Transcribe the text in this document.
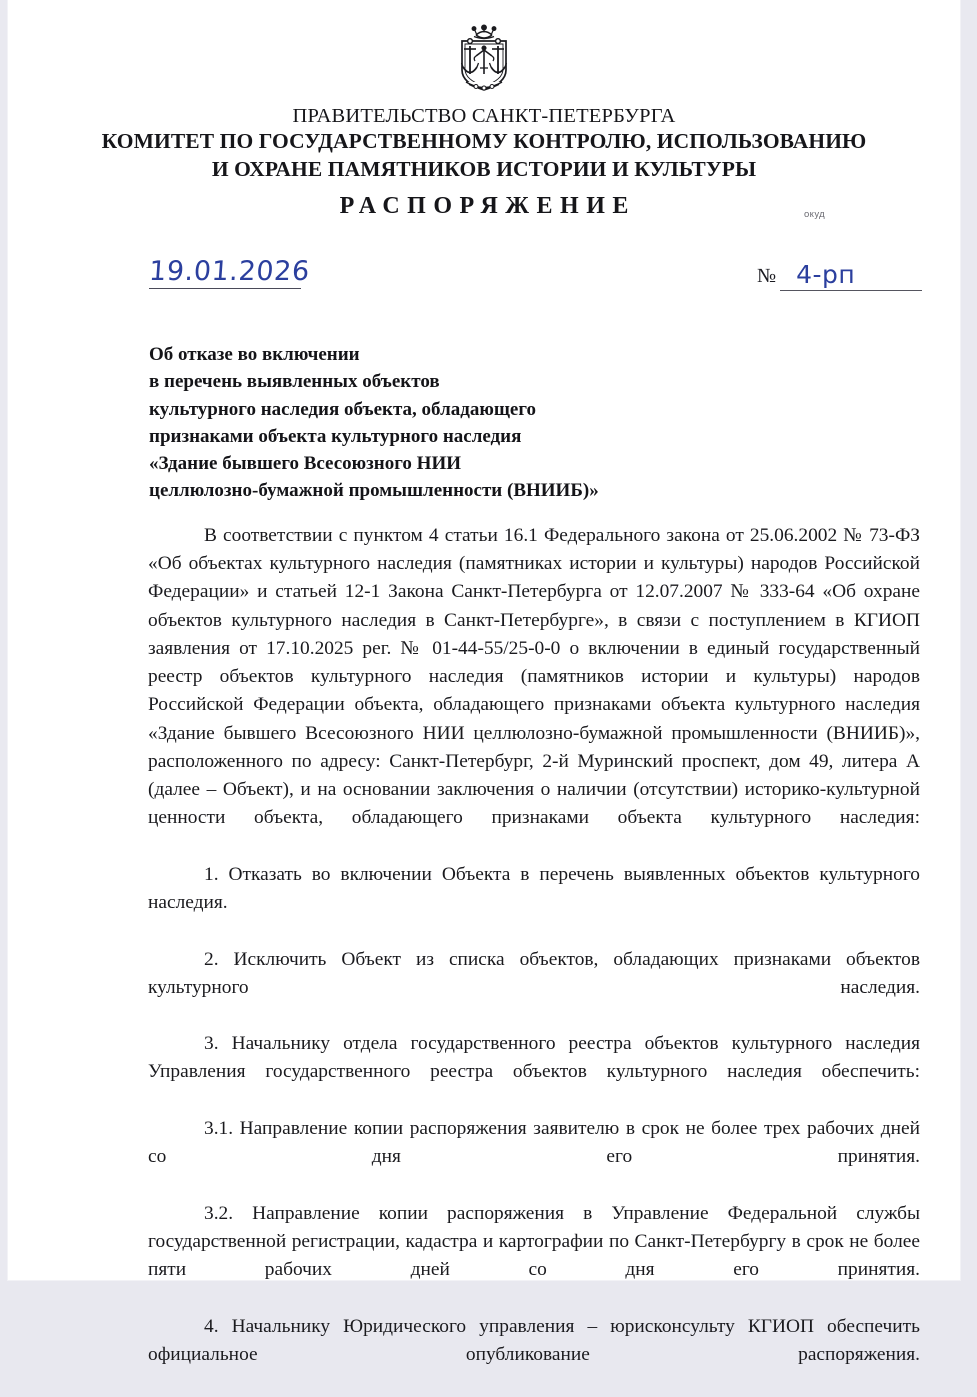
ПРАВИТЕЛЬСТВО САНКТ-ПЕТЕРБУРГА
КОМИТЕТ ПО ГОСУДАРСТВЕННОМУ КОНТРОЛЮ, ИСПОЛЬЗОВАНИЮ
И ОХРАНЕ ПАМЯТНИКОВ ИСТОРИИ И КУЛЬТУРЫ
РАСПОРЯЖЕНИЕ	окуд
19.01.2026	№ 4-рп
Об отказе во включении
в перечень выявленных объектов
культурного наследия объекта, обладающего
признаками объекта культурного наследия
«Здание бывшего Всесоюзного НИИ
целлюлозно-бумажной промышленности (ВНИИБ)»

В соответствии с пунктом 4 статьи 16.1 Федерального закона от 25.06.2002 № 73-ФЗ «Об объектах культурного наследия (памятниках истории и культуры) народов Российской Федерации» и статьей 12-1 Закона Санкт-Петербурга от 12.07.2007 № 333-64 «Об охране объектов культурного наследия в Санкт-Петербурге», в связи с поступлением в КГИОП заявления от 17.10.2025 рег. № 01-44-55/25-0-0 о включении в единый государственный реестр объектов культурного наследия (памятников истории и культуры) народов Российской Федерации объекта, обладающего признаками объекта культурного наследия «Здание бывшего Всесоюзного НИИ целлюлозно-бумажной промышленности (ВНИИБ)», расположенного по адресу: Санкт-Петербург, 2-й Муринский проспект, дом 49, литера А (далее – Объект), и на основании заключения о наличии (отсутствии) историко-культурной ценности объекта, обладающего признаками объекта культурного наследия:

1. Отказать во включении Объекта в перечень выявленных объектов культурного наследия.

2. Исключить Объект из списка объектов, обладающих признаками объектов культурного наследия.

3. Начальнику отдела государственного реестра объектов культурного наследия Управления государственного реестра объектов культурного наследия обеспечить:

3.1. Направление копии распоряжения заявителю в срок не более трех рабочих дней со дня его принятия.

3.2. Направление копии распоряжения в Управление Федеральной службы государственной регистрации, кадастра и картографии по Санкт-Петербургу в срок не более пяти рабочих дней со дня его принятия.

4. Начальнику Юридического управления – юрисконсульту КГИОП обеспечить официальное опубликование распоряжения.
